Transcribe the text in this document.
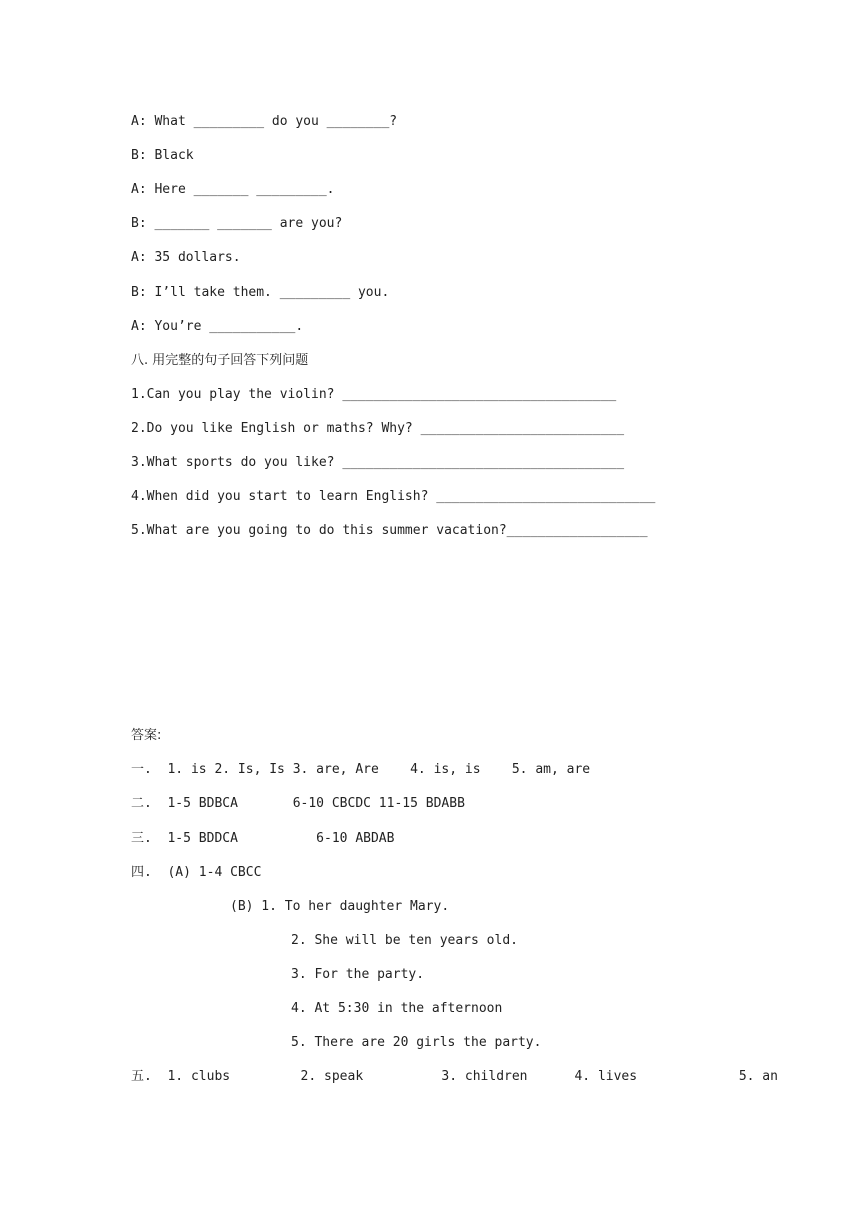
A: What _________ do you ________?
B: Black
A: Here _______ _________.
B: _______ _______ are you?
A: 35 dollars.
B: I’ll take them. _________ you.
A: You’re ___________.
八. 用完整的句子回答下列问题
1.Can you play the violin? ___________________________________
2.Do you like English or maths? Why? __________________________
3.What sports do you like? ____________________________________
4.When did you start to learn English? ____________________________
5.What are you going to do this summer vacation?__________________
答案:
一.  1. is 2. Is, Is 3. are, Are    4. is, is    5. am, are
二.  1-5 BDBCA       6-10 CBCDC 11-15 BDABB
三.  1-5 BDDCA          6-10 ABDAB
四.  (A) 1-4 CBCC
(B) 1. To her daughter Mary.
2. She will be ten years old.
3. For the party.
4. At 5:30 in the afternoon
5. There are 20 girls the party.
五.  1. clubs         2. speak          3. children      4. lives             5. an
